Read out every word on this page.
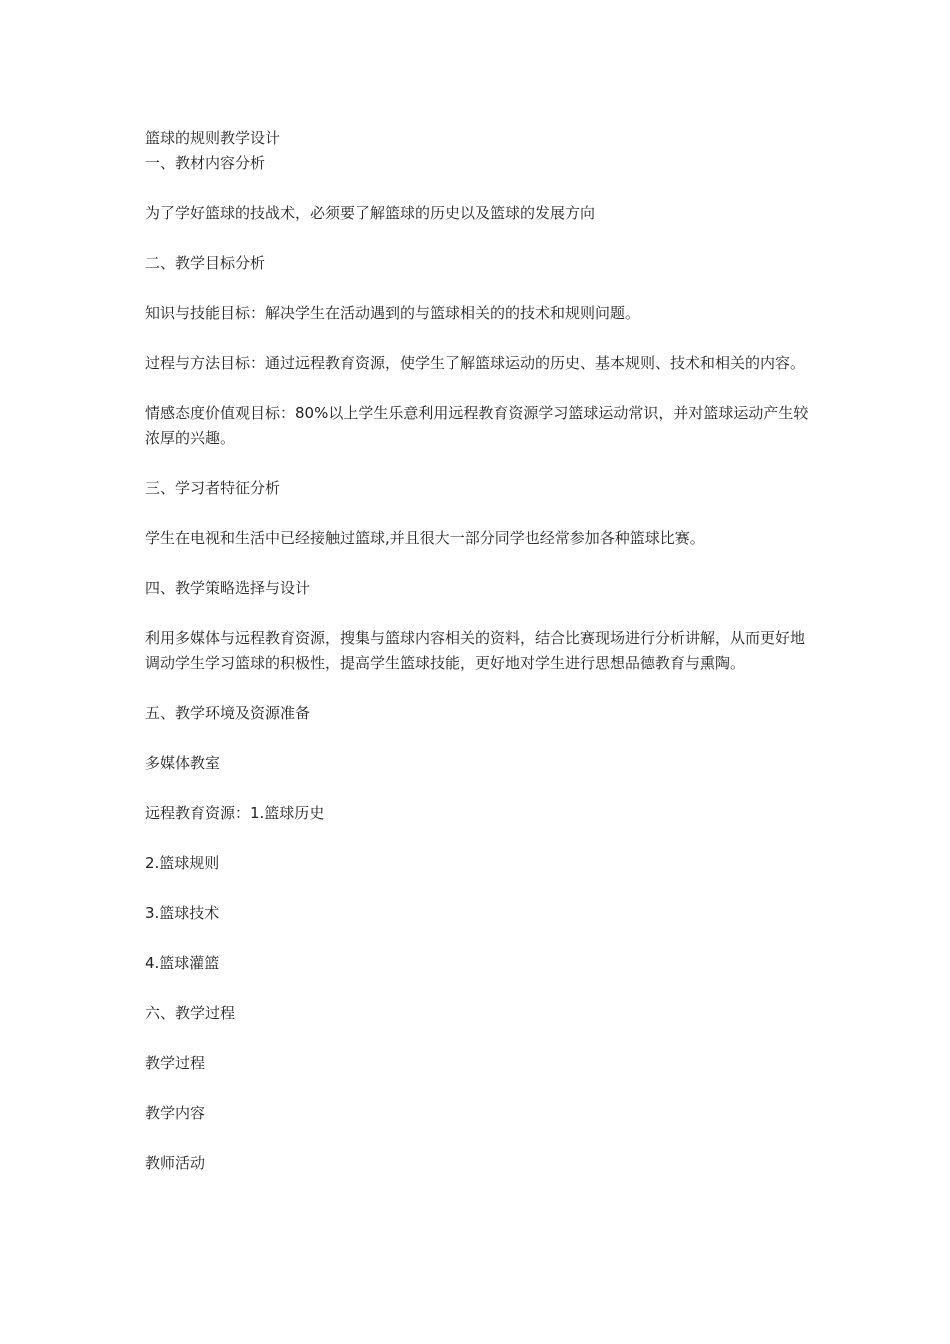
篮球的规则教学设计

一、教材内容分析

为了学好篮球的技战术，必须要了解篮球的历史以及篮球的发展方向

二、教学目标分析

知识与技能目标：解决学生在活动遇到的与篮球相关的的技术和规则问题。

过程与方法目标：通过远程教育资源，使学生了解篮球运动的历史、基本规则、技术和相关的内容。

情感态度价值观目标：80%以上学生乐意利用远程教育资源学习篮球运动常识，并对篮球运动产生较浓厚的兴趣。

三、学习者特征分析

学生在电视和生活中已经接触过篮球,并且很大一部分同学也经常参加各种篮球比赛。

四、教学策略选择与设计

利用多媒体与远程教育资源，搜集与篮球内容相关的资料，结合比赛现场进行分析讲解，从而更好地调动学生学习篮球的积极性，提高学生篮球技能，更好地对学生进行思想品德教育与熏陶。

五、教学环境及资源准备

多媒体教室

远程教育资源：1.篮球历史

2.篮球规则

3.篮球技术

4.篮球灌篮

六、教学过程

教学过程

教学内容

教师活动
